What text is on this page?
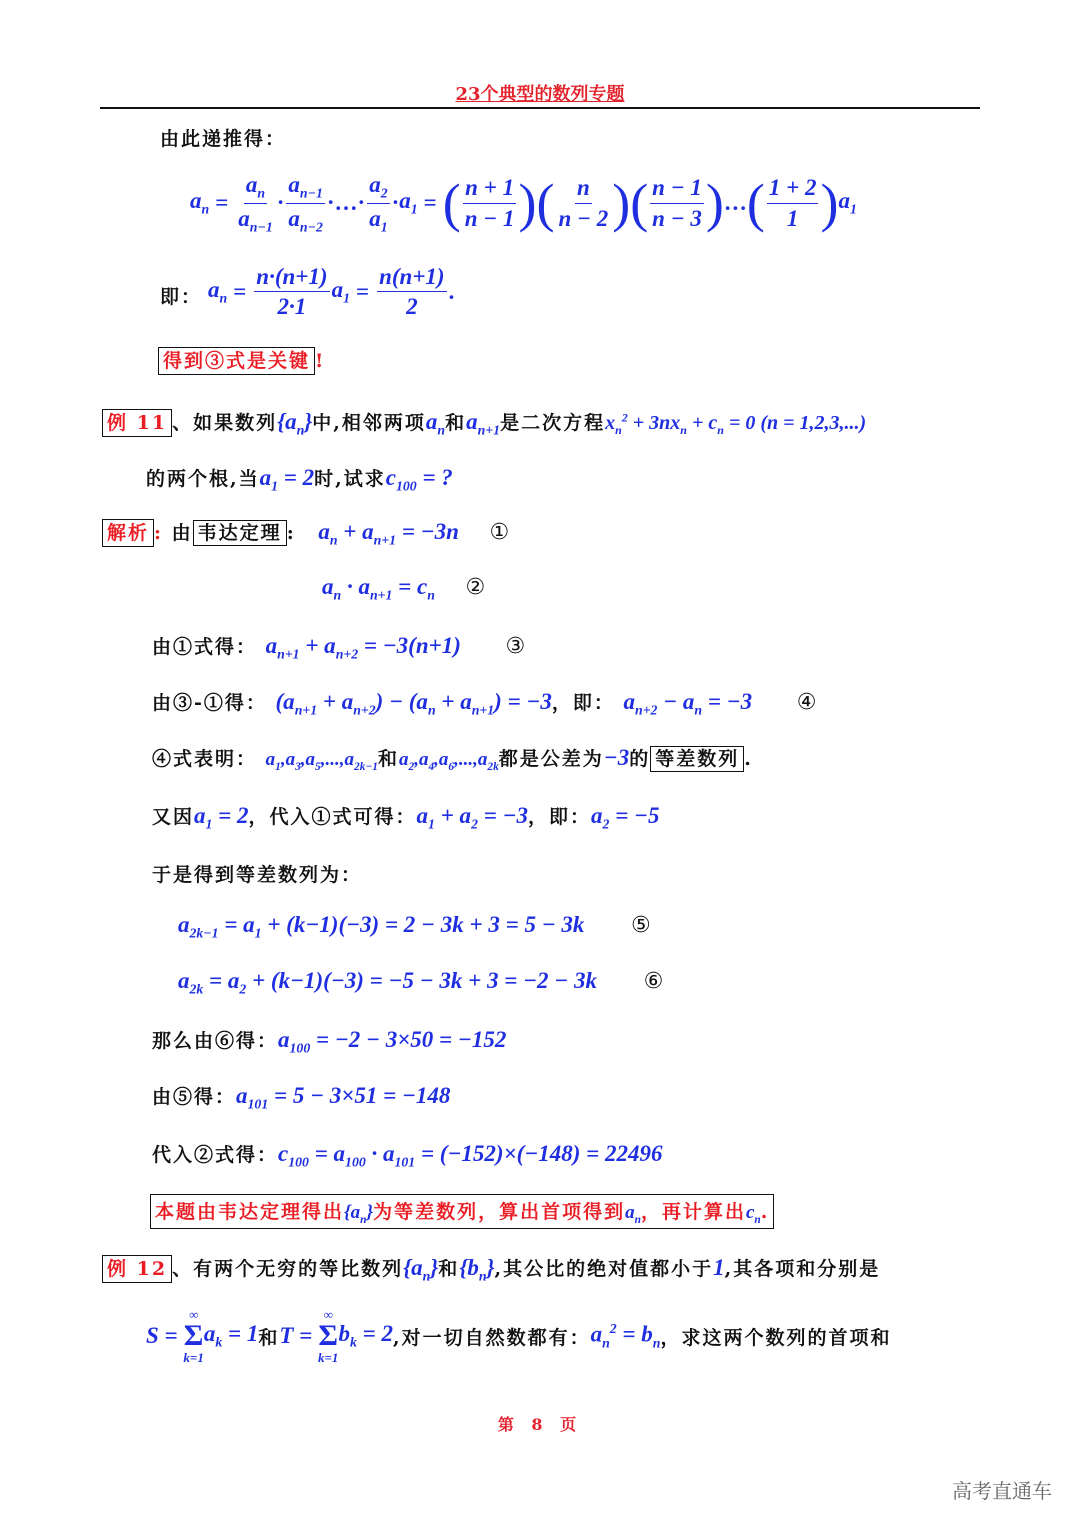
23个典型的数列专题
由此递推得：
$a_n = \frac{a_n}{a_{n-1}} \cdot \frac{a_{n-1}}{a_{n-2}}$ ·…· $\frac{a_2}{a_1} \cdot a_1$ = ( $\frac{n + 1}{n - 1}$ ) ( $\frac{n}{n - 2}$ ) ( $\frac{n - 1}{n - 3}$ ) … ( $\frac{1 + 2}{1}$ ) $a_1$
即： $a_n = \frac{n\cdot(n+1)}{2\cdot 1} a_1 = \frac{n(n+1)}{2}$ .
得到③式是关键 !
例 11 、如果数列$\{a_n\}$中,相邻两项$a_n$和$a_{n+1}$是二次方程$x_n^2 + 3nx_n + c_n = 0$ (n = 1,2,3,...)
的两个根,当$a_1 = 2$时,试求$c_{100}$ = ?
解析 : 由 韦达定理 : $a_n + a_{n+1} = -3n$ ①
$a_n \cdot a_{n+1} = c_n$ ②
由①式得： $a_{n+1} + a_{n+2} = -3(n+1)$ ③
由③-①得： $(a_{n+1} + a_{n+2}) - (a_n + a_{n+1}) = -3$，即： $a_{n+2} - a_n = -3$ ④
④式表明： $a_1,a_3,a_5,...,a_{2k-1}$和$a_2,a_4,a_6,...,a_{2k}$都是公差为−3的 等差数列 .
又因$a_1 = 2$，代入①式可得：$a_1 + a_2 = -3$，即：$a_2 = -5$
于是得到等差数列为：
$a_{2k-1} = a_1 + (k-1)(-3) = 2 - 3k + 3 = 5 - 3k$ ⑤
$a_{2k} = a_2 + (k-1)(-3) = -5 - 3k + 3 = -2 - 3k$ ⑥
那么由⑥得：$a_{100} = -2 - 3\times 50 = -152$
由⑤得：$a_{101} = 5 - 3\times 51 = -148$
代入②式得：$c_{100} = a_{100} \cdot a_{101} = (-152)\times(-148) = 22496$
本题由韦达定理得出$\{a_n\}$为等差数列，算出首项得到$a_n$，再计算出$c_n$.
例 12 、有两个无穷的等比数列$\{a_n\}$和$\{b_n\}$,其公比的绝对值都小于1,其各项和分别是
S =
∞
Σ
k=1
$a_k = 1$ 和 T =
∞
Σ
k=1
$b_k = 2$ ,对一切自然数都有： $a_n^2 = b_n$ ，求这两个数列的首项和
第 8 页
高考直通车
